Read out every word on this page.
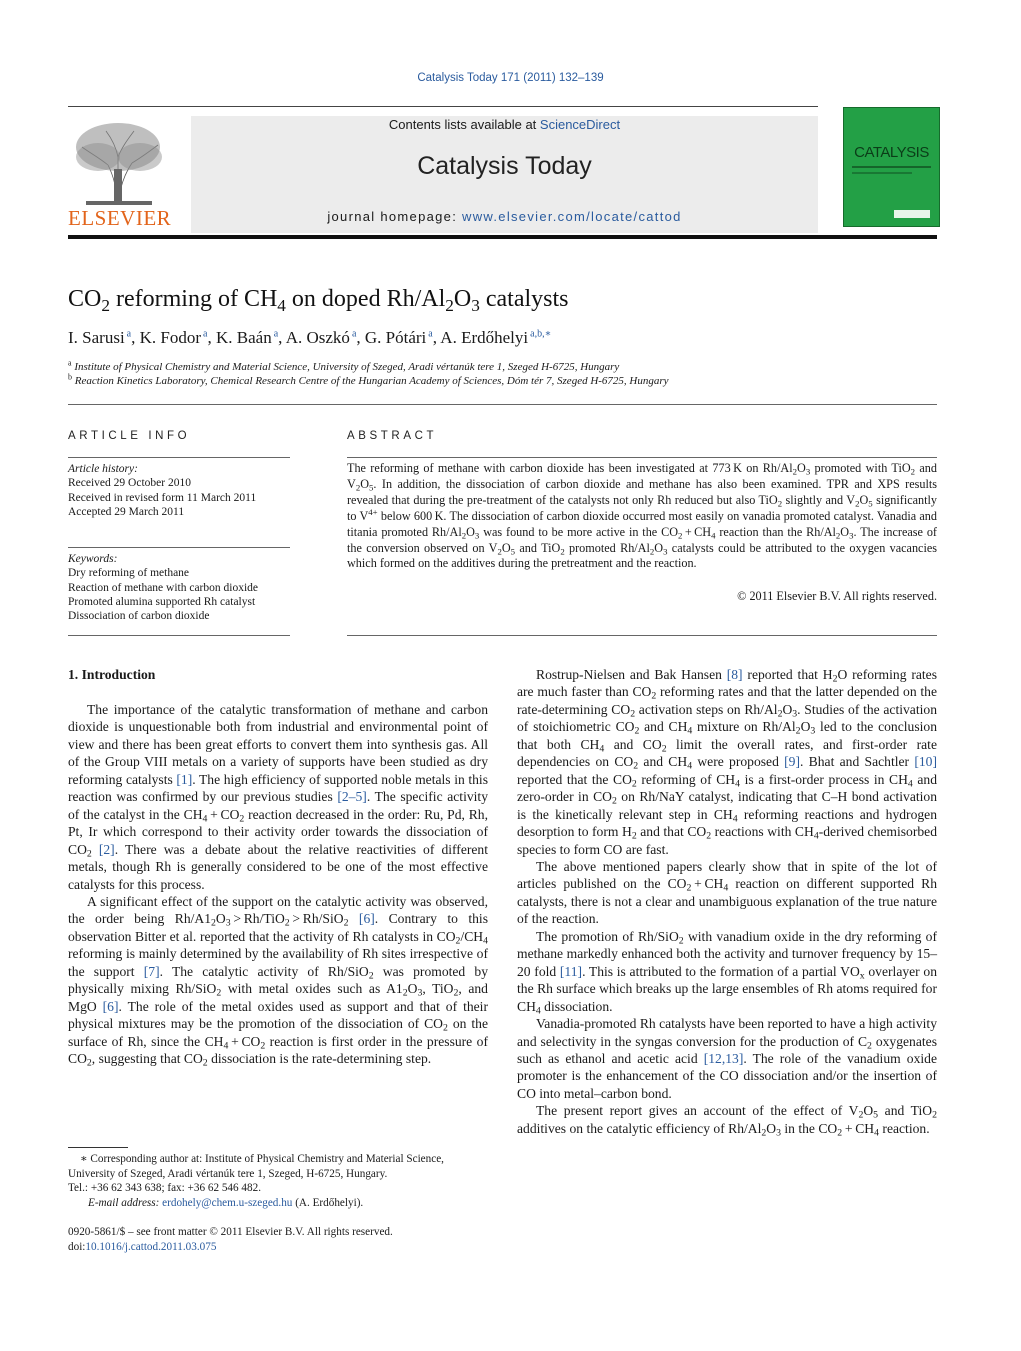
Catalysis Today 171 (2011) 132–139
ELSEVIER
Contents lists available at ScienceDirect
Catalysis Today
journal homepage: www.elsevier.com/locate/cattod
CATALYSIS
$CO_2$ reforming of $CH_4$ on doped $Rh/Al_2O_3$ catalysts
I. Sarusi $^a$, K. Fodor $^a$, K. Baán $^a$, A. Oszkó $^a$, G. Pótári $^a$, A. Erdőhelyi $^{a,b,∗}$
$^a$ Institute of Physical Chemistry and Material Science, University of Szeged, Aradi vértanúk tere 1, Szeged H-6725, Hungary
$^b$ Reaction Kinetics Laboratory, Chemical Research Centre of the Hungarian Academy of Sciences, Dóm tér 7, Szeged H-6725, Hungary
ARTICLE INFO
Article history:
Received 29 October 2010
Received in revised form 11 March 2011
Accepted 29 March 2011
Keywords:
Dry reforming of methane
Reaction of methane with carbon dioxide
Promoted alumina supported Rh catalyst
Dissociation of carbon dioxide
ABSTRACT
The reforming of methane with carbon dioxide has been investigated at 773 K on $Rh/Al_2O_3$ promoted with TiO$_2$ and $V_2O_5$. In addition, the dissociation of carbon dioxide and methane has also been examined. TPR and XPS results revealed that during the pre-treatment of the catalysts not only Rh reduced but also TiO$_2$ slightly and $V_2O_5$ significantly to $V^{4+}$ below 600 K. The dissociation of carbon dioxide occurred most easily on vanadia promoted catalyst. Vanadia and titania promoted $Rh/Al_2O_3$ was found to be more active in the $CO_2 + CH_4$ reaction than the $Rh/Al_2O_3$. The increase of the conversion observed on $V_2O_5$ and TiO$_2$ promoted $Rh/Al_2O_3$ catalysts could be attributed to the oxygen vacancies which formed on the additives during the pretreatment and the reaction.
© 2011 Elsevier B.V. All rights reserved.
1. Introduction

The importance of the catalytic transformation of methane and carbon dioxide is unquestionable both from industrial and environmental point of view and there has been great efforts to convert them into synthesis gas. All of the Group VIII metals on a variety of supports have been studied as dry reforming catalysts [1]. The high efficiency of supported noble metals in this reaction was confirmed by our previous studies [2–5]. The specific activity of the catalyst in the $CH_4 + CO_2$ reaction decreased in the order: Ru, Pd, Rh, Pt, Ir which correspond to their activity order towards the dissociation of $CO_2$ [2]. There was a debate about the relative reactivities of different metals, though Rh is generally considered to be one of the most effective catalysts for this process.

A significant effect of the support on the catalytic activity was observed, the order being $Rh/A1_2O_3 > Rh/TiO_2 > Rh/SiO_2$ [6]. Contrary to this observation Bitter et al. reported that the activity of Rh catalysts in $CO_2/CH_4$ reforming is mainly determined by the availability of Rh sites irrespective of the support [7]. The catalytic activity of Rh/SiO$_2$ was promoted by physically mixing Rh/SiO$_2$ with metal oxides such as $A1_2O_3$, TiO$_2$, and MgO [6]. The role of the metal oxides used as support and that of their physical mixtures may be the promotion of the dissociation of $CO_2$ on the surface of Rh, since the $CH_4 + CO_2$ reaction is first order in the pressure of $CO_2$, suggesting that $CO_2$ dissociation is the rate-determining step.

Rostrup-Nielsen and Bak Hansen [8] reported that $H_2O$ reforming rates are much faster than $CO_2$ reforming rates and that the latter depended on the rate-determining $CO_2$ activation steps on $Rh/Al_2O_3$. Studies of the activation of stoichiometric $CO_2$ and $CH_4$ mixture on $Rh/Al_2O_3$ led to the conclusion that both $CH_4$ and $CO_2$ limit the overall rates, and first-order rate dependencies on $CO_2$ and $CH_4$ were proposed [9]. Bhat and Sachtler [10] reported that the $CO_2$ reforming of $CH_4$ is a first-order process in $CH_4$ and zero-order in $CO_2$ on Rh/NaY catalyst, indicating that C–H bond activation is the kinetically relevant step in $CH_4$ reforming reactions and hydrogen desorption to form $H_2$ and that $CO_2$ reactions with $CH_4$-derived chemisorbed species to form CO are fast.

The above mentioned papers clearly show that in spite of the lot of articles published on the $CO_2 + CH_4$ reaction on different supported Rh catalysts, there is not a clear and unambiguous explanation of the true nature of the reaction.

The promotion of Rh/SiO$_2$ with vanadium oxide in the dry reforming of methane markedly enhanced both the activity and turnover frequency by 15–20 fold [11]. This is attributed to the formation of a partial $VO_x$ overlayer on the Rh surface which breaks up the large ensembles of Rh atoms required for $CH_4$ dissociation.

Vanadia-promoted Rh catalysts have been reported to have a high activity and selectivity in the syngas conversion for the production of $C_2$ oxygenates such as ethanol and acetic acid [12,13]. The role of the vanadium oxide promoter is the enhancement of the CO dissociation and/or the insertion of CO into metal–carbon bond.

The present report gives an account of the effect of $V_2O_5$ and TiO$_2$ additives on the catalytic efficiency of $Rh/Al_2O_3$ in the $CO_2 + CH_4$ reaction.

∗ Corresponding author at: Institute of Physical Chemistry and Material Science, University of Szeged, Aradi vértanúk tere 1, Szeged, H-6725, Hungary.
Tel.: +36 62 343 638; fax: +36 62 546 482.
E-mail address: erdohely@chem.u-szeged.hu (A. Erdőhelyi).
0920-5861/$ – see front matter © 2011 Elsevier B.V. All rights reserved.
doi:10.1016/j.cattod.2011.03.075
